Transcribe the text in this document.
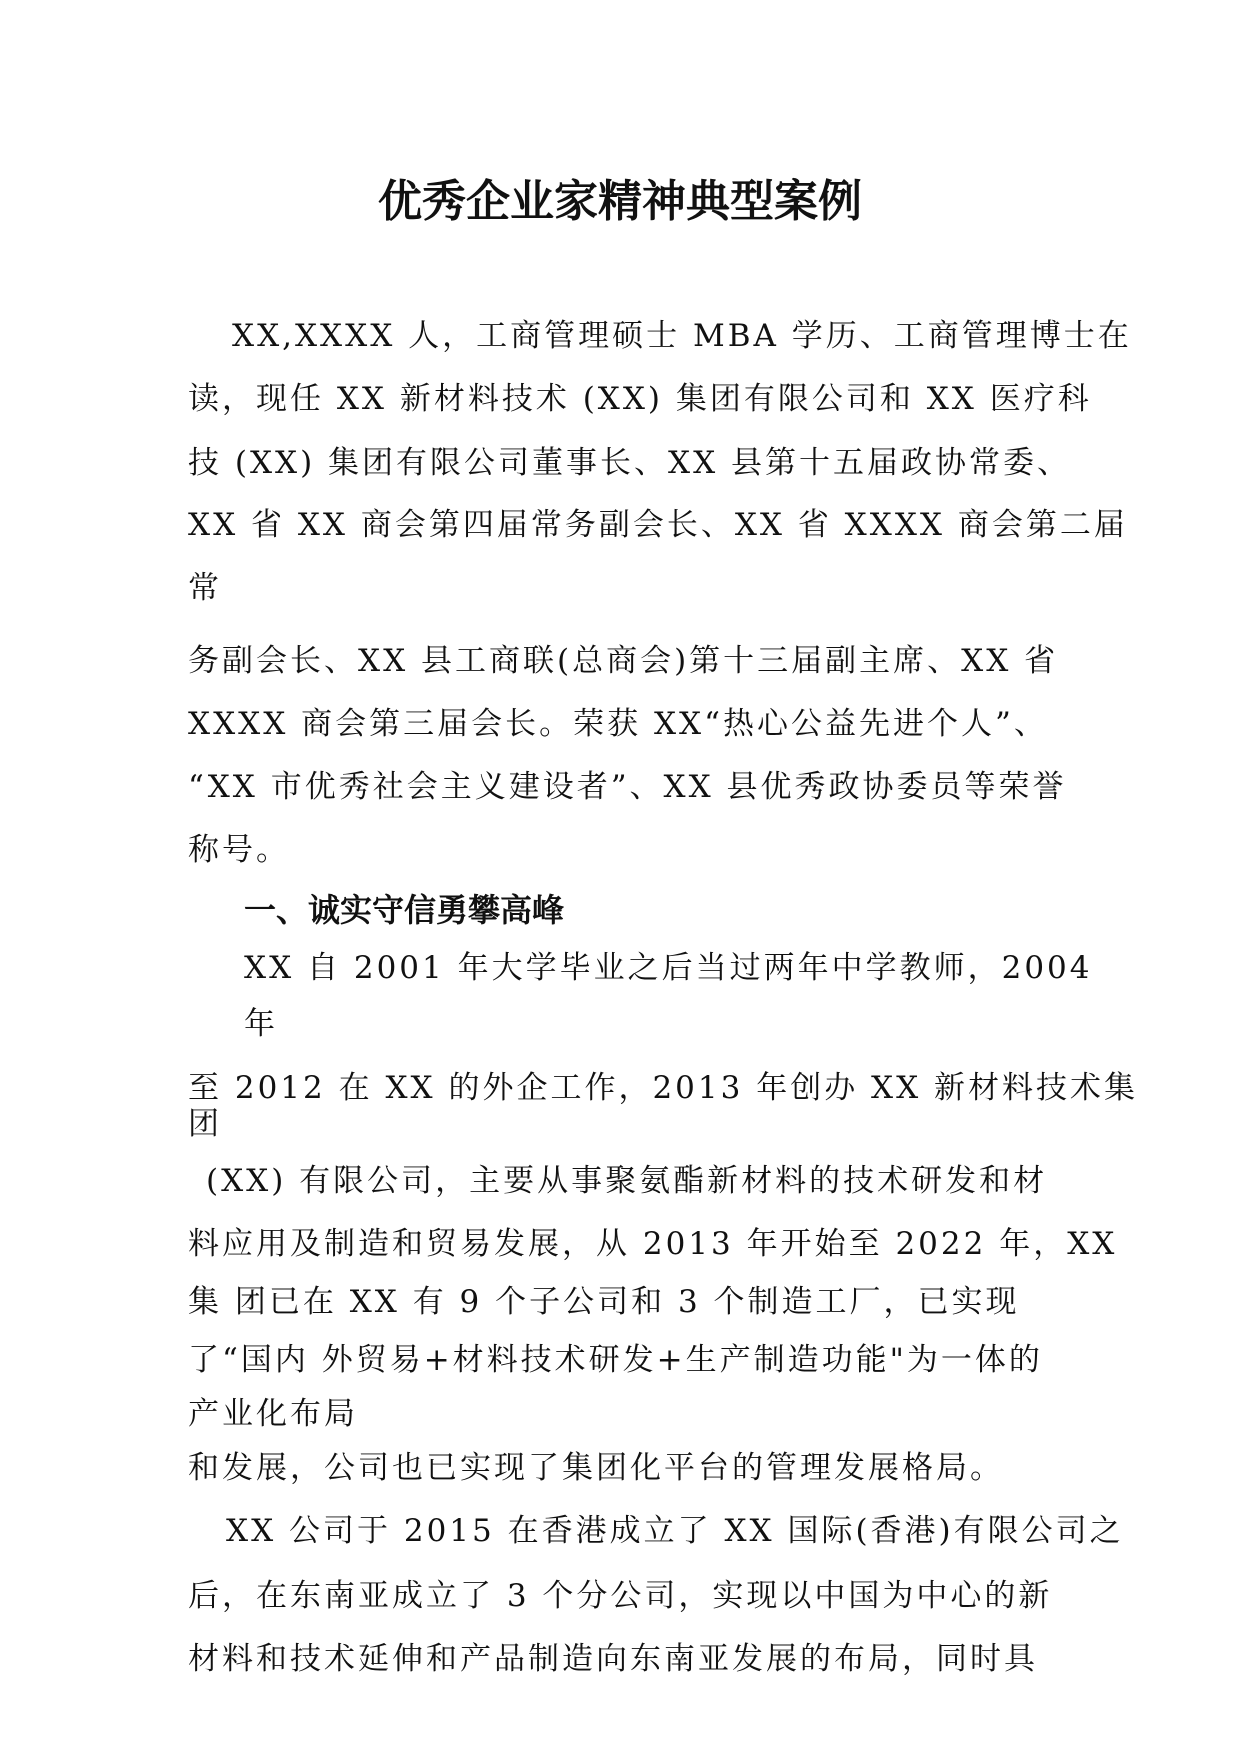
优秀企业家精神典型案例
XX,XXXX 人，工商管理硕士 MBA 学历、工商管理博士在
读，现任 XX 新材料技术 (XX) 集团有限公司和 XX 医疗科
技 (XX) 集团有限公司董事长、XX 县第十五届政协常委、
XX 省 XX 商会第四届常务副会长、XX 省 XXXX 商会第二届
常
务副会长、XX 县工商联(总商会)第十三届副主席、XX 省
XXXX 商会第三届会长。荣获 XX“热心公益先进个人”、
“XX 市优秀社会主义建设者”、XX 县优秀政协委员等荣誉
称号。
一、诚实守信勇攀高峰
XX 自 2001 年大学毕业之后当过两年中学教师，2004
年
至 2012 在 XX 的外企工作，2013 年创办 XX 新材料技术集
团
(XX) 有限公司，主要从事聚氨酯新材料的技术研发和材
料应用及制造和贸易发展，从 2013 年开始至 2022 年，XX
集 团已在 XX 有 9 个子公司和 3 个制造工厂，已实现
了“国内 外贸易+材料技术研发+生产制造功能"为一体的
产业化布局
和发展，公司也已实现了集团化平台的管理发展格局。
XX 公司于 2015 在香港成立了 XX 国际(香港)有限公司之
后，在东南亚成立了 3 个分公司，实现以中国为中心的新
材料和技术延伸和产品制造向东南亚发展的布局，同时具
